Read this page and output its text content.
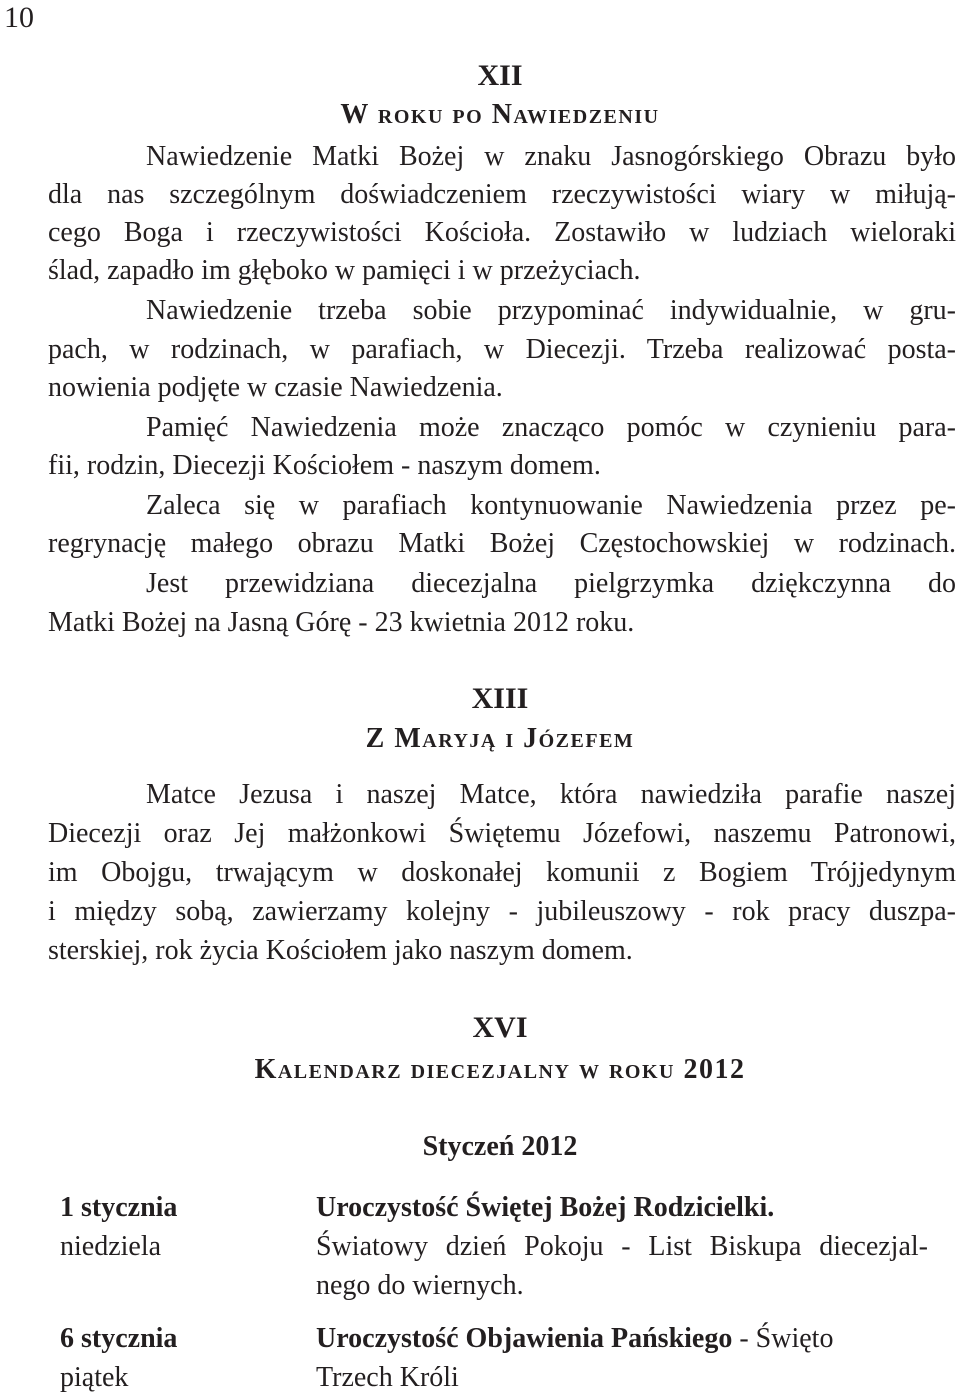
10
XII
W roku po Nawiedzeniu
Nawiedzenie Matki Bożej w znaku Jasnogórskiego Obrazu było
dla nas szczególnym doświadczeniem rzeczywistości wiary w miłują-
cego Boga i rzeczywistości Kościoła. Zostawiło w ludziach wieloraki
ślad, zapadło im głęboko w pamięci i w przeżyciach.
Nawiedzenie trzeba sobie przypominać indywidualnie, w gru-
pach, w rodzinach, w parafiach, w Diecezji. Trzeba realizować posta-
nowienia podjęte w czasie Nawiedzenia.
Pamięć Nawiedzenia może znacząco pomóc w czynieniu para-
fii, rodzin, Diecezji Kościołem - naszym domem.
Zaleca się w parafiach kontynuowanie Nawiedzenia przez pe-
regrynację małego obrazu Matki Bożej Częstochowskiej w rodzinach.
Jest przewidziana diecezjalna pielgrzymka dziękczynna do
Matki Bożej na Jasną Górę - 23 kwietnia 2012 roku.
XIII
Z Maryją i Józefem
Matce Jezusa i naszej Matce, która nawiedziła parafie naszej
Diecezji oraz Jej małżonkowi Świętemu Józefowi, naszemu Patronowi,
im Obojgu, trwającym w doskonałej komunii z Bogiem Trójjedynym
i między sobą, zawierzamy kolejny - jubileuszowy - rok pracy duszpa-
sterskiej, rok życia Kościołem jako naszym domem.
XVI
Kalendarz diecezjalny w roku 2012
Styczeń 2012
1 stycznia
niedziela
Uroczystość Świętej Bożej Rodzicielki.
Światowy dzień Pokoju - List Biskupa diecezjal-
nego do wiernych.
6 stycznia
piątek
Uroczystość Objawienia Pańskiego - Święto
Trzech Króli
